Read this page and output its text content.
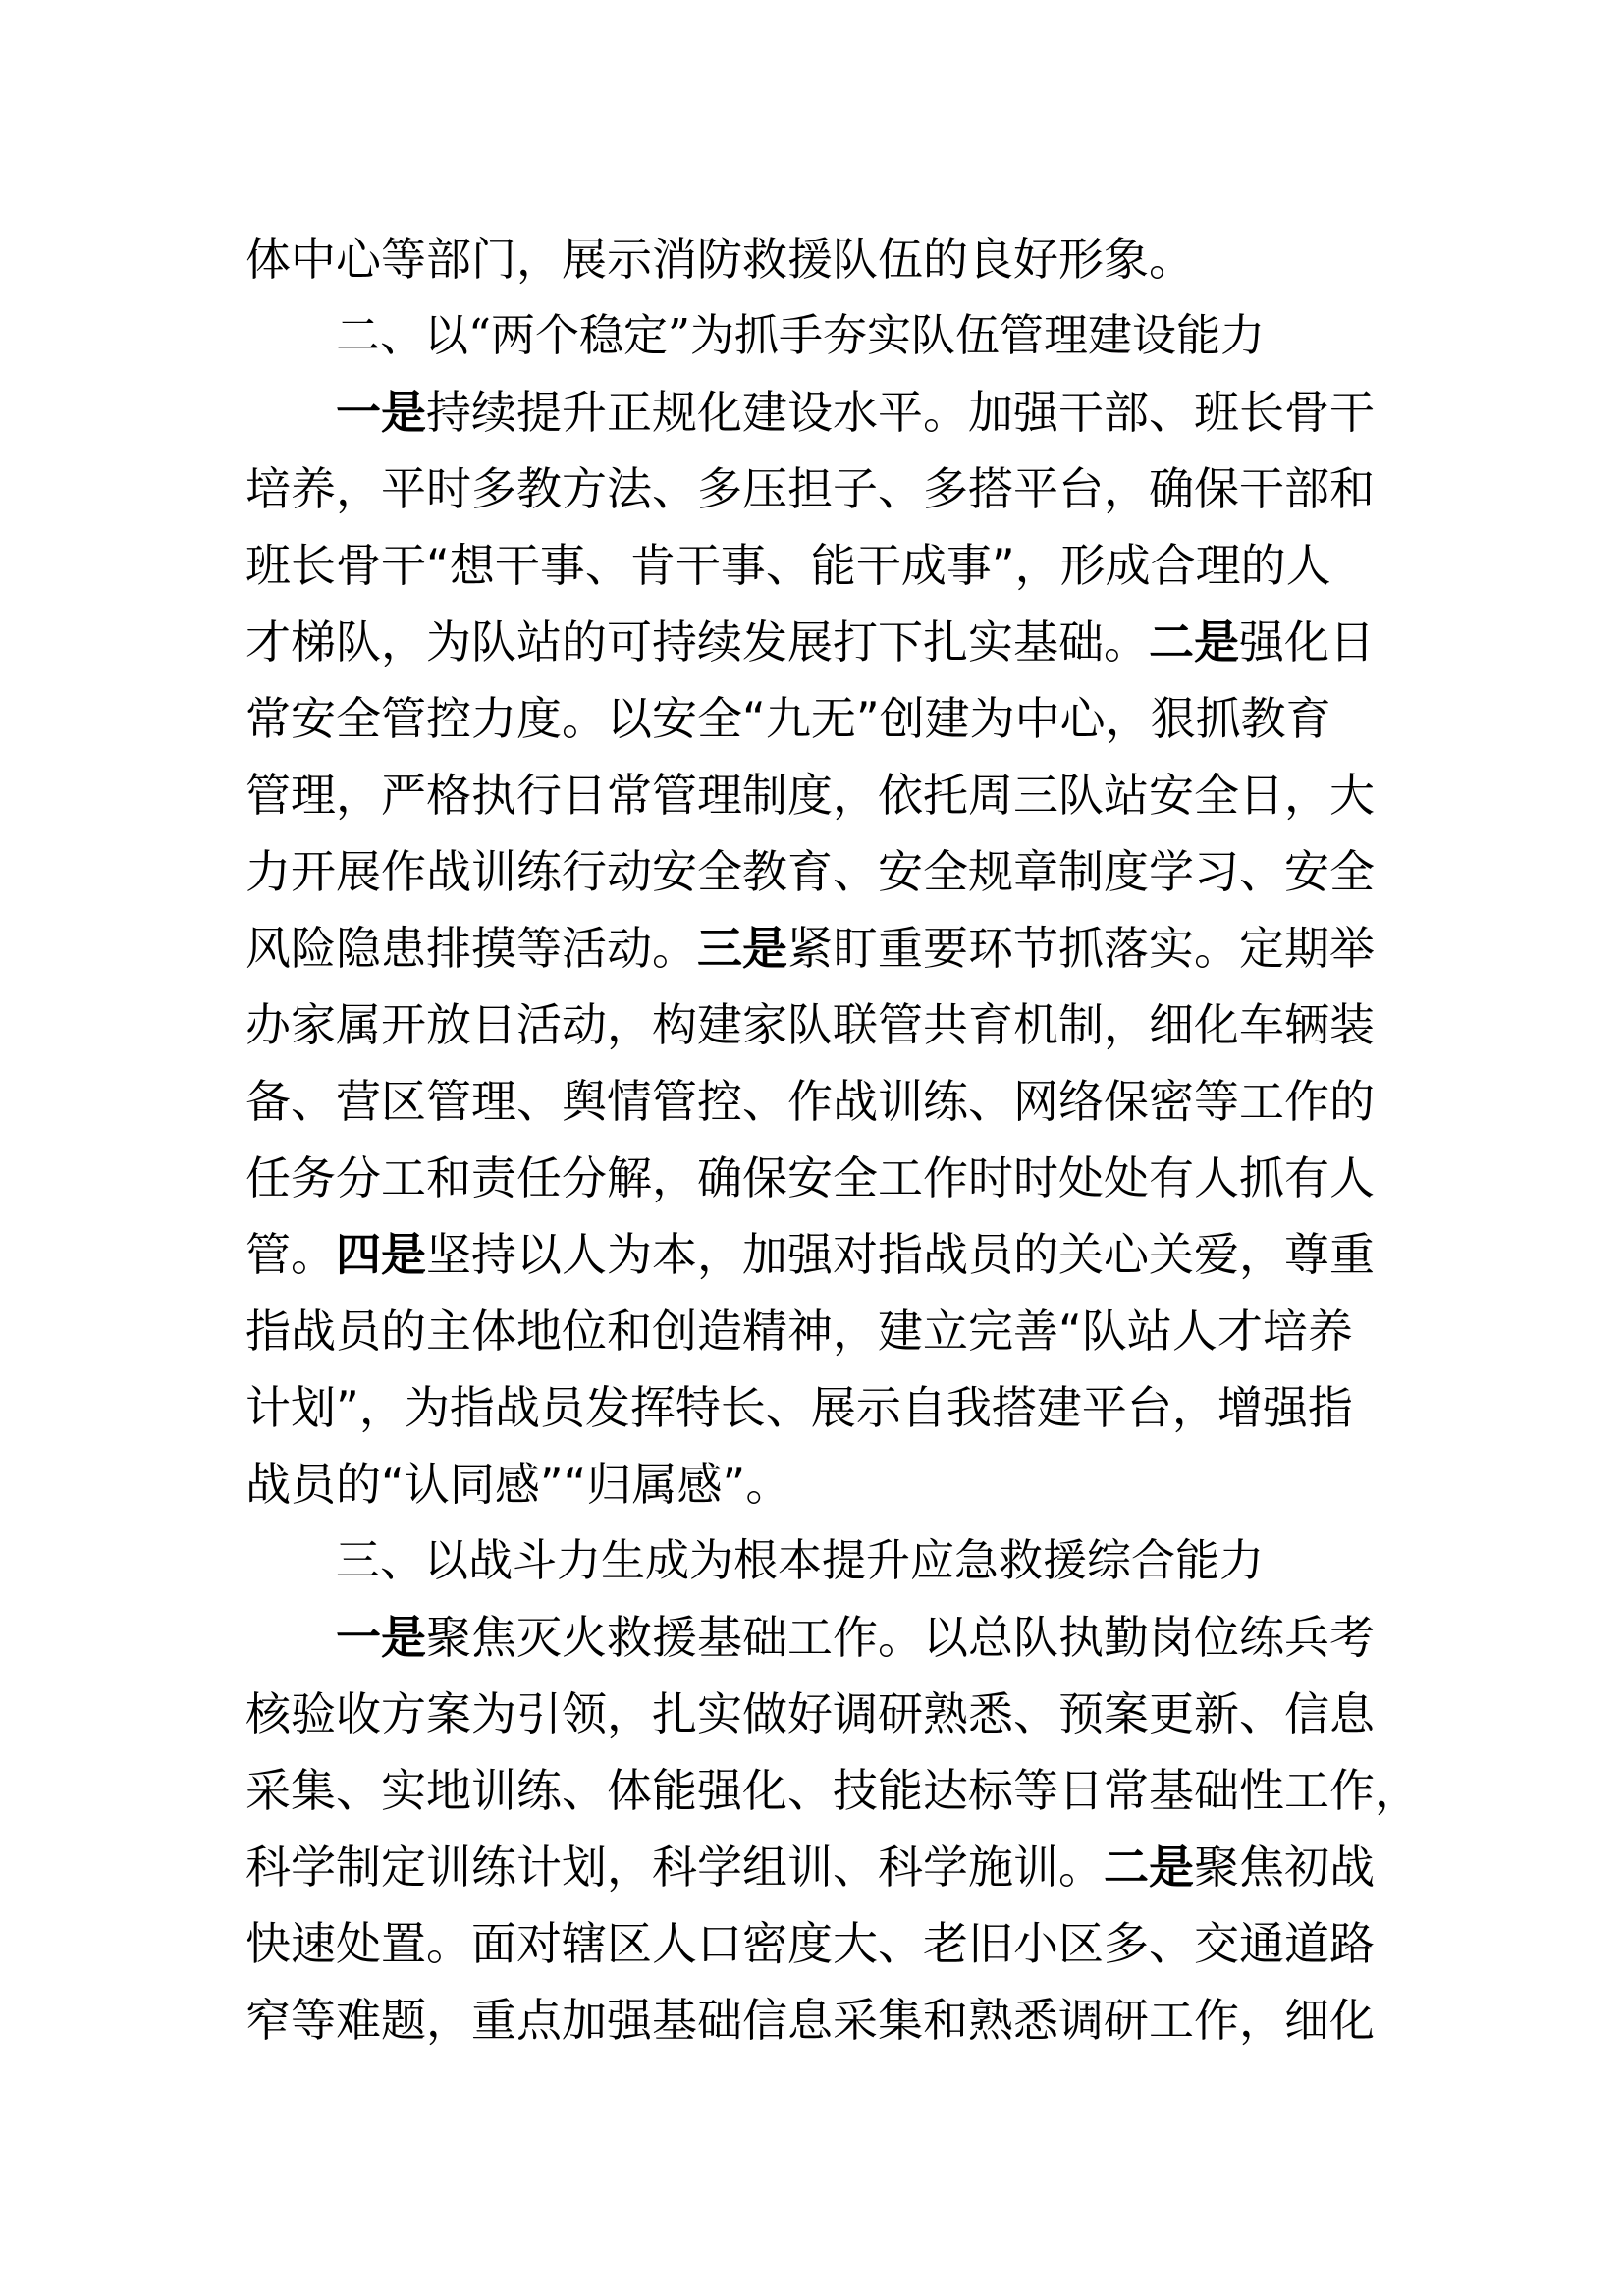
体中心等部门，展示消防救援队伍的良好形象。
二、以“两个稳定”为抓手夯实队伍管理建设能力
一是持续提升正规化建设水平。加强干部、班长骨干
培养，平时多教方法、多压担子、多搭平台，确保干部和
班长骨干“想干事、肯干事、能干成事”，形成合理的人
才梯队，为队站的可持续发展打下扎实基础。二是强化日
常安全管控力度。以安全“九无”创建为中心，狠抓教育
管理，严格执行日常管理制度，依托周三队站安全日，大
力开展作战训练行动安全教育、安全规章制度学习、安全
风险隐患排摸等活动。三是紧盯重要环节抓落实。定期举
办家属开放日活动，构建家队联管共育机制，细化车辆装
备、营区管理、舆情管控、作战训练、网络保密等工作的
任务分工和责任分解，确保安全工作时时处处有人抓有人
管。四是坚持以人为本，加强对指战员的关心关爱，尊重
指战员的主体地位和创造精神，建立完善“队站人才培养
计划”，为指战员发挥特长、展示自我搭建平台，增强指
战员的“认同感”“归属感”。
三、以战斗力生成为根本提升应急救援综合能力
一是聚焦灭火救援基础工作。以总队执勤岗位练兵考
核验收方案为引领，扎实做好调研熟悉、预案更新、信息
采集、实地训练、体能强化、技能达标等日常基础性工作，
科学制定训练计划，科学组训、科学施训。二是聚焦初战
快速处置。面对辖区人口密度大、老旧小区多、交通道路
窄等难题，重点加强基础信息采集和熟悉调研工作，细化
